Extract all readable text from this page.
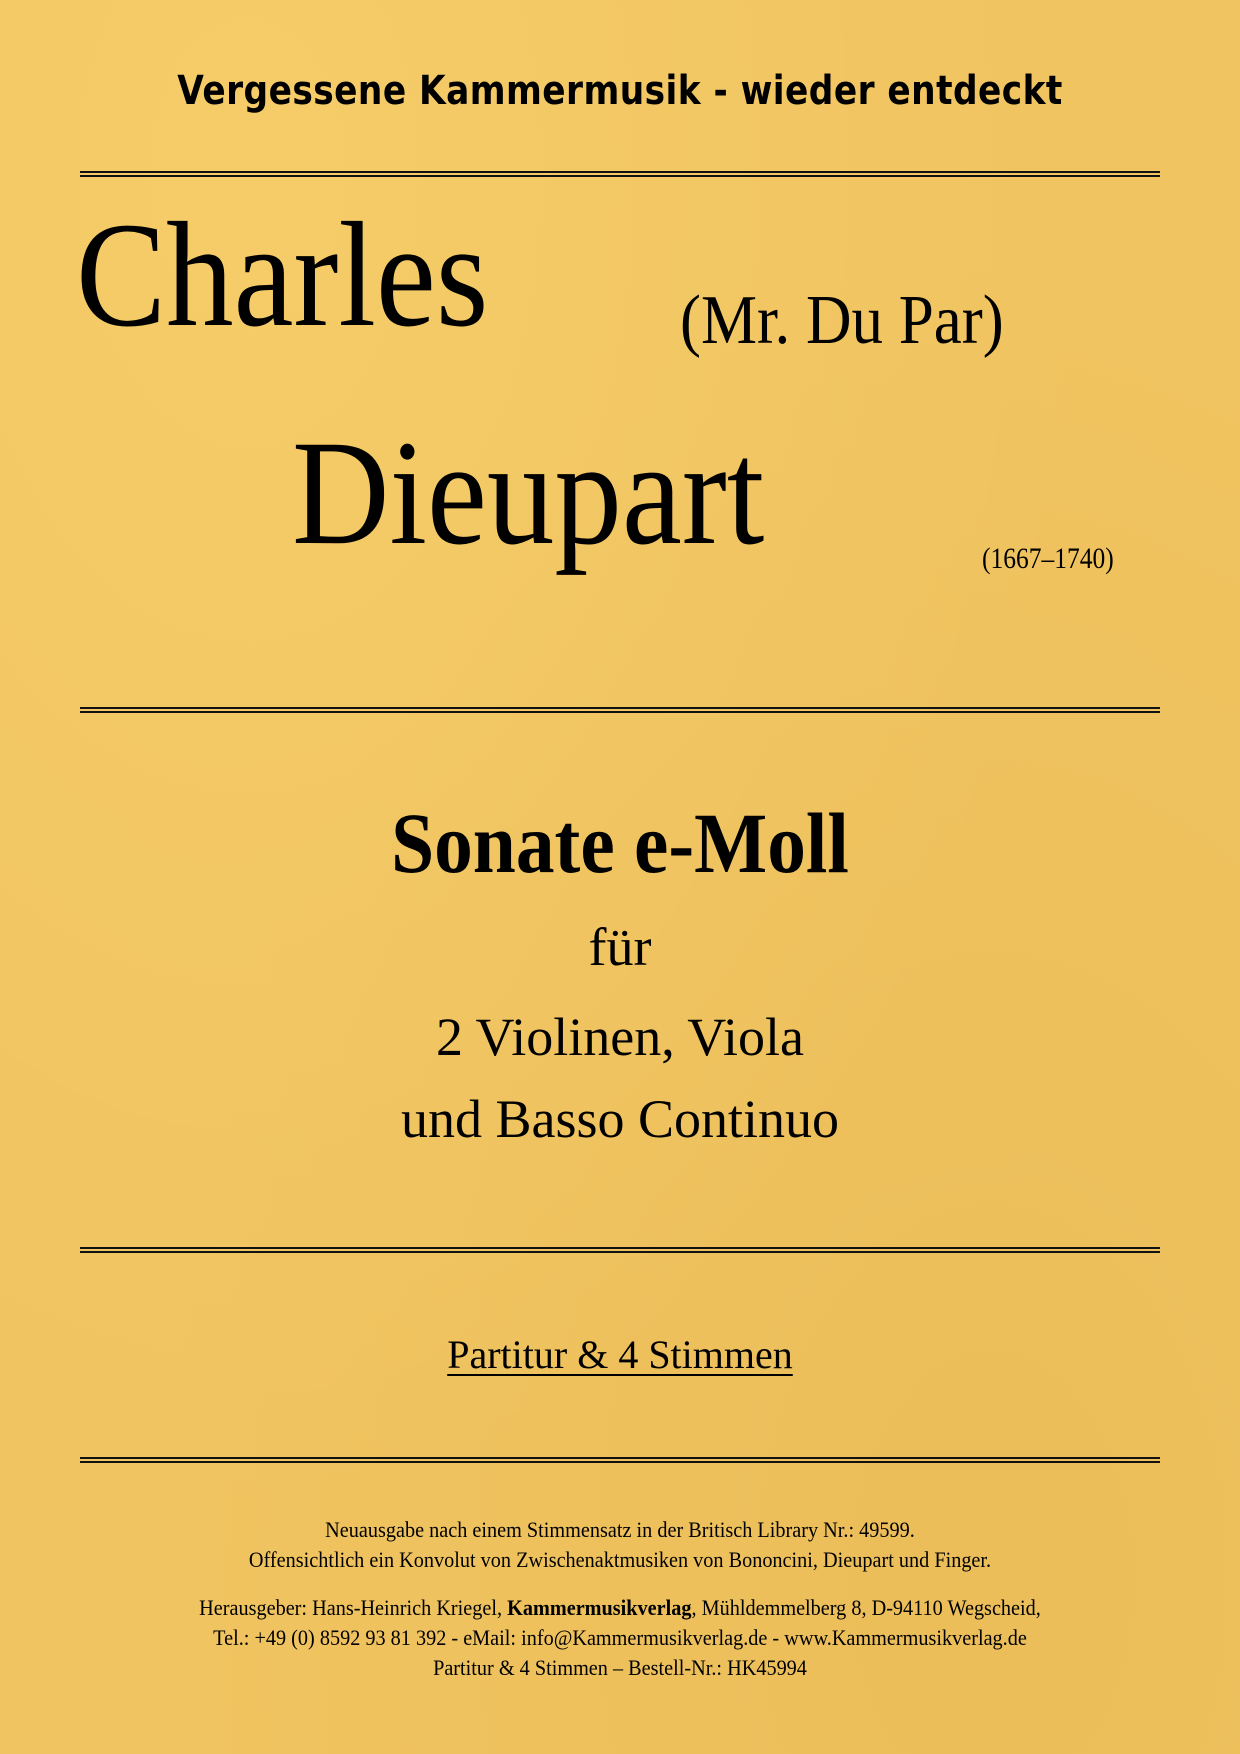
Vergessene Kammermusik - wieder entdeckt
Charles	(Mr. Du Par)
Dieupart	(1667–1740)
Sonate e-Moll
für
2 Violinen, Viola
und Basso Continuo
Partitur & 4 Stimmen
Neuausgabe nach einem Stimmensatz in der Britisch Library Nr.: 49599.
Offensichtlich ein Konvolut von Zwischenaktmusiken von Bononcini, Dieupart und Finger.
Herausgeber: Hans-Heinrich Kriegel, Kammermusikverlag, Mühldemmelberg 8, D-94110 Wegscheid,
Tel.: +49 (0) 8592 93 81 392 - eMail: info@Kammermusikverlag.de - www.Kammermusikverlag.de
Partitur & 4 Stimmen – Bestell-Nr.: HK45994
